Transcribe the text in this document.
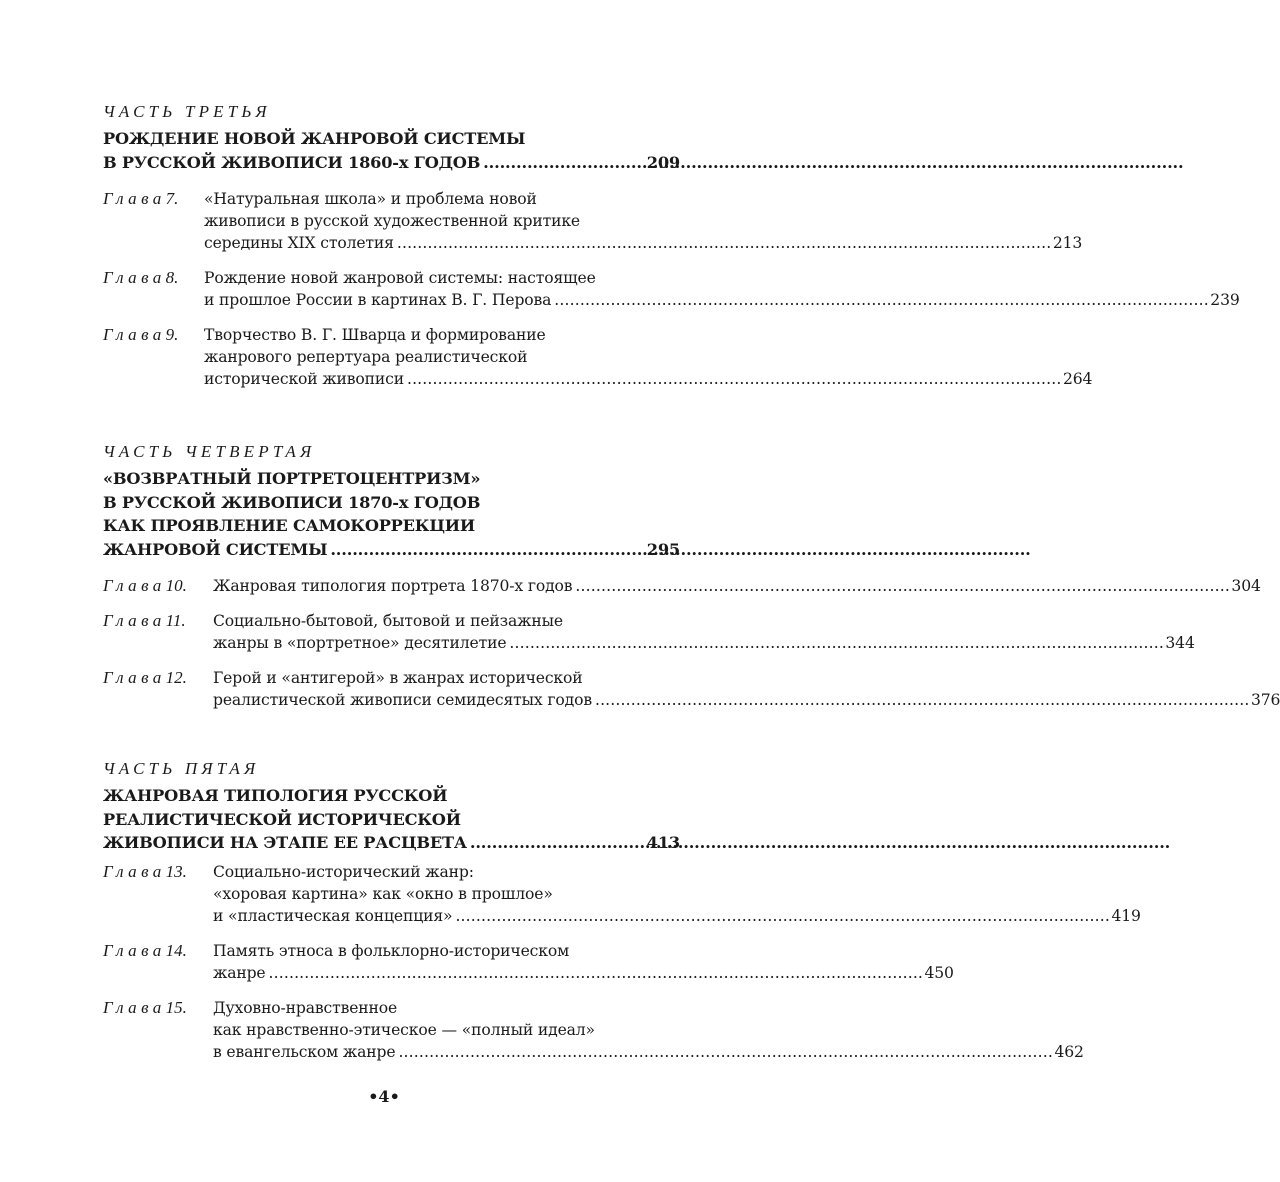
ЧАСТЬ ТРЕТЬЯ
РОЖДЕНИЕ НОВОЙ ЖАНРОВОЙ СИСТЕМЫ
В РУССКОЙ ЖИВОПИСИ 1860-х ГОДОВ . . .	209
Глава7.	«Натуральная школа» и проблема новой
живописи в русской художественной критике
середины XIX столетия . . .	213
Глава8.	Рождение новой жанровой системы: настоящее
и прошлое России в картинах В. Г. Перова . . .	239
Глава9.	Творчество В. Г. Шварца и формирование
жанрового репертуара реалистической
исторической живописи . . .	264
ЧАСТЬ ЧЕТВЕРТАЯ
«ВОЗВРАТНЫЙ ПОРТРЕТОЦЕНТРИЗМ»
В РУССКОЙ ЖИВОПИСИ 1870-х ГОДОВ
КАК ПРОЯВЛЕНИЕ САМОКОРРЕКЦИИ
ЖАНРОВОЙ СИСТЕМЫ . . .	295
Глава10.	Жанровая типология портрета 1870-х годов . . .	304
Глава11.	Социально-бытовой, бытовой и пейзажные
жанры в «портретное» десятилетие . . .	344
Глава12.	Герой и «антигерой» в жанрах исторической
реалистической живописи семидесятых годов . . .	376
ЧАСТЬ ПЯТАЯ
ЖАНРОВАЯ ТИПОЛОГИЯ РУССКОЙ
РЕАЛИСТИЧЕСКОЙ ИСТОРИЧЕСКОЙ
ЖИВОПИСИ НА ЭТАПЕ ЕЕ РАСЦВЕТА . . .	413
Глава13.	Социально-исторический жанр:
«хоровая картина» как «окно в прошлое»
и «пластическая концепция» . . .	419
Глава14.	Память этноса в фольклорно-историческом
жанре . . .	450
Глава15.	Духовно-нравственное
как нравственно-этическое — «полный идеал»
в евангельском жанре . . .	462
•4•
